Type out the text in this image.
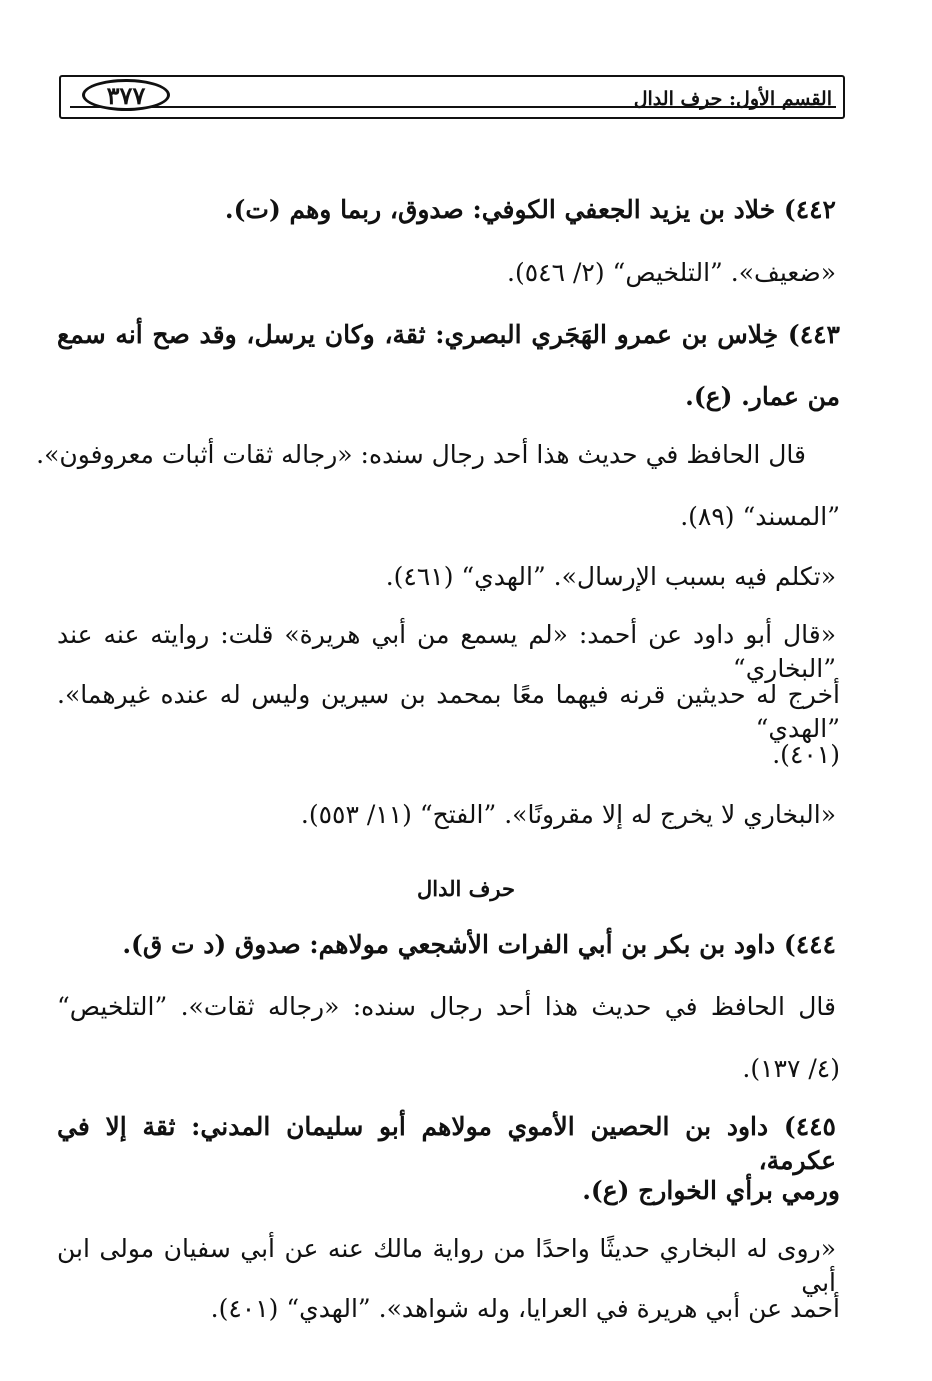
٣٧٧	القسم الأول: حرف الدال
٤٤٢) خلاد بن يزيد الجعفي الكوفي: صدوق، ربما وهم (ت).
«ضعيف». ”التلخيص“ (٢/ ٥٤٦).
٤٤٣) خِلاس بن عمرو الهَجَري البصري: ثقة، وكان يرسل، وقد صح أنه سمع
من عمار. (ع).
قال الحافظ في حديث هذا أحد رجال سنده: «رجاله ثقات أثبات معروفون».
”المسند“ (٨٩).
«تكلم فيه بسبب الإرسال». ”الهدي“ (٤٦١).
«قال أبو داود عن أحمد: «لم يسمع من أبي هريرة» قلت: روايته عنه عند ”البخاري“
أخرج له حديثين قرنه فيهما معًا بمحمد بن سيرين وليس له عنده غيرهما». ”الهدي“
(٤٠١).
«البخاري لا يخرج له إلا مقرونًا». ”الفتح“ (١١/ ٥٥٣).
حرف الدال
٤٤٤) داود بن بكر بن أبي الفرات الأشجعي مولاهم: صدوق (د ت ق).
قال الحافظ في حديث هذا أحد رجال سنده: «رجاله ثقات». ”التلخيص“
(٤/ ١٣٧).
٤٤٥) داود بن الحصين الأموي مولاهم أبو سليمان المدني: ثقة إلا في عكرمة،
ورمي برأي الخوارج (ع).
«روى له البخاري حديثًا واحدًا من رواية مالك عنه عن أبي سفيان مولى ابن أبي
أحمد عن أبي هريرة في العرايا، وله شواهد». ”الهدي“ (٤٠١).
